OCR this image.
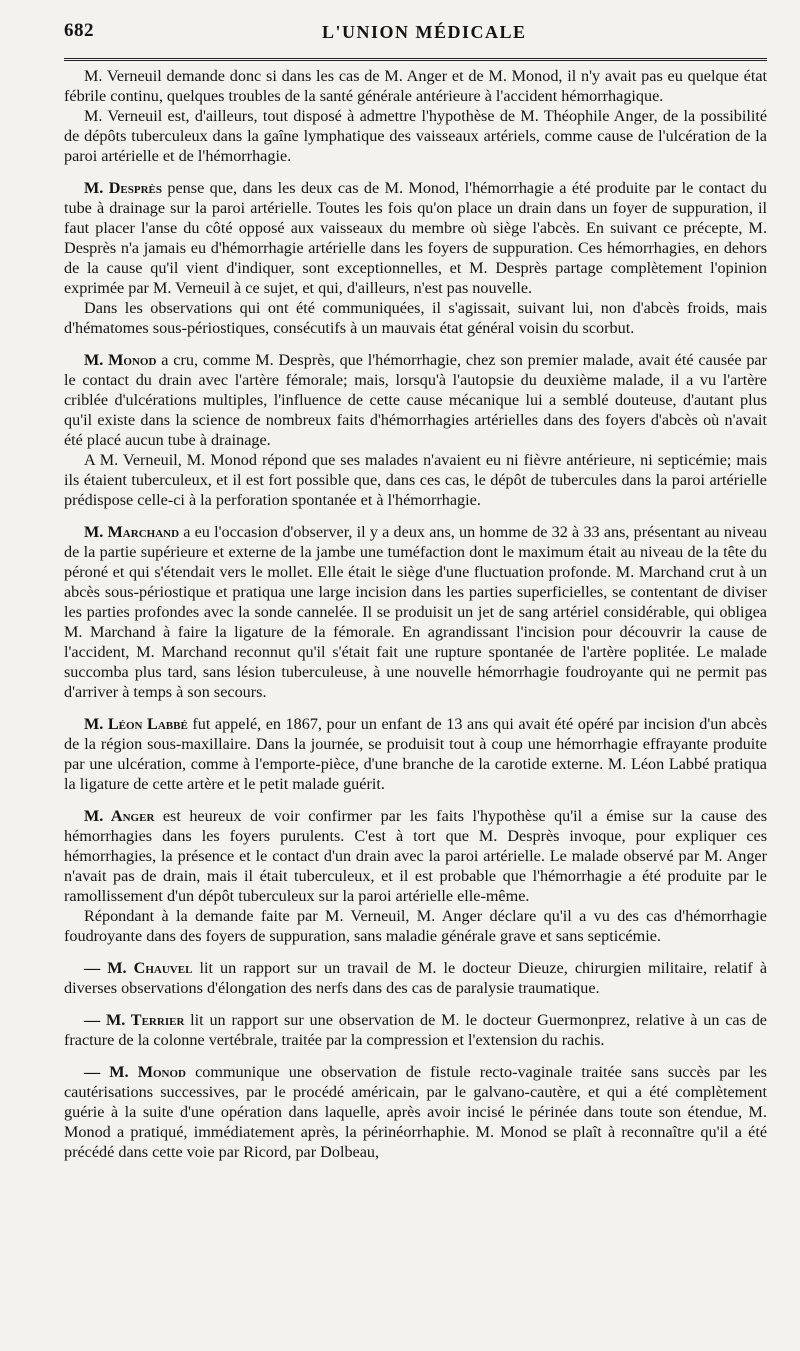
682	L'UNION MÉDICALE

M. Verneuil demande donc si dans les cas de M. Anger et de M. Monod, il n'y avait pas eu quelque état fébrile continu, quelques troubles de la santé générale antérieure à l'accident hémorrhagique.

M. Verneuil est, d'ailleurs, tout disposé à admettre l'hypothèse de M. Théophile Anger, de la possibilité de dépôts tuberculeux dans la gaîne lymphatique des vaisseaux artériels, comme cause de l'ulcération de la paroi artérielle et de l'hémorrhagie.

M. Desprès pense que, dans les deux cas de M. Monod, l'hémorrhagie a été produite par le contact du tube à drainage sur la paroi artérielle. Toutes les fois qu'on place un drain dans un foyer de suppuration, il faut placer l'anse du côté opposé aux vaisseaux du membre où siège l'abcès. En suivant ce précepte, M. Desprès n'a jamais eu d'hémorrhagie artérielle dans les foyers de suppuration. Ces hémorrhagies, en dehors de la cause qu'il vient d'indiquer, sont exceptionnelles, et M. Desprès partage complètement l'opinion exprimée par M. Verneuil à ce sujet, et qui, d'ailleurs, n'est pas nouvelle.

Dans les observations qui ont été communiquées, il s'agissait, suivant lui, non d'abcès froids, mais d'hématomes sous-périostiques, consécutifs à un mauvais état général voisin du scorbut.

M. Monod a cru, comme M. Desprès, que l'hémorrhagie, chez son premier malade, avait été causée par le contact du drain avec l'artère fémorale; mais, lorsqu'à l'autopsie du deuxième malade, il a vu l'artère criblée d'ulcérations multiples, l'influence de cette cause mécanique lui a semblé douteuse, d'autant plus qu'il existe dans la science de nombreux faits d'hémorrhagies artérielles dans des foyers d'abcès où n'avait été placé aucun tube à drainage.

A M. Verneuil, M. Monod répond que ses malades n'avaient eu ni fièvre antérieure, ni septicémie; mais ils étaient tuberculeux, et il est fort possible que, dans ces cas, le dépôt de tubercules dans la paroi artérielle prédispose celle-ci à la perforation spontanée et à l'hémorrhagie.

M. Marchand a eu l'occasion d'observer, il y a deux ans, un homme de 32 à 33 ans, présentant au niveau de la partie supérieure et externe de la jambe une tuméfaction dont le maximum était au niveau de la tête du péroné et qui s'étendait vers le mollet. Elle était le siège d'une fluctuation profonde. M. Marchand crut à un abcès sous-périostique et pratiqua une large incision dans les parties superficielles, se contentant de diviser les parties profondes avec la sonde cannelée. Il se produisit un jet de sang artériel considérable, qui obligea M. Marchand à faire la ligature de la fémorale. En agrandissant l'incision pour découvrir la cause de l'accident, M. Marchand reconnut qu'il s'était fait une rupture spontanée de l'artère poplitée. Le malade succomba plus tard, sans lésion tuberculeuse, à une nouvelle hémorrhagie foudroyante qui ne permit pas d'arriver à temps à son secours.

M. Léon Labbé fut appelé, en 1867, pour un enfant de 13 ans qui avait été opéré par incision d'un abcès de la région sous-maxillaire. Dans la journée, se produisit tout à coup une hémorrhagie effrayante produite par une ulcération, comme à l'emporte-pièce, d'une branche de la carotide externe. M. Léon Labbé pratiqua la ligature de cette artère et le petit malade guérit.

M. Anger est heureux de voir confirmer par les faits l'hypothèse qu'il a émise sur la cause des hémorrhagies dans les foyers purulents. C'est à tort que M. Desprès invoque, pour expliquer ces hémorrhagies, la présence et le contact d'un drain avec la paroi artérielle. Le malade observé par M. Anger n'avait pas de drain, mais il était tuberculeux, et il est probable que l'hémorrhagie a été produite par le ramollissement d'un dépôt tuberculeux sur la paroi artérielle elle-même.

Répondant à la demande faite par M. Verneuil, M. Anger déclare qu'il a vu des cas d'hémorrhagie foudroyante dans des foyers de suppuration, sans maladie générale grave et sans septicémie.

— M. Chauvel lit un rapport sur un travail de M. le docteur Dieuze, chirurgien militaire, relatif à diverses observations d'élongation des nerfs dans des cas de paralysie traumatique.

— M. Terrier lit un rapport sur une observation de M. le docteur Guermonprez, relative à un cas de fracture de la colonne vertébrale, traitée par la compression et l'extension du rachis.

— M. Monod communique une observation de fistule recto-vaginale traitée sans succès par les cautérisations successives, par le procédé américain, par le galvano-cautère, et qui a été complètement guérie à la suite d'une opération dans laquelle, après avoir incisé le périnée dans toute son étendue, M. Monod a pratiqué, immédiatement après, la périnéorrhaphie. M. Monod se plaît à reconnaître qu'il a été précédé dans cette voie par Ricord, par Dolbeau,
